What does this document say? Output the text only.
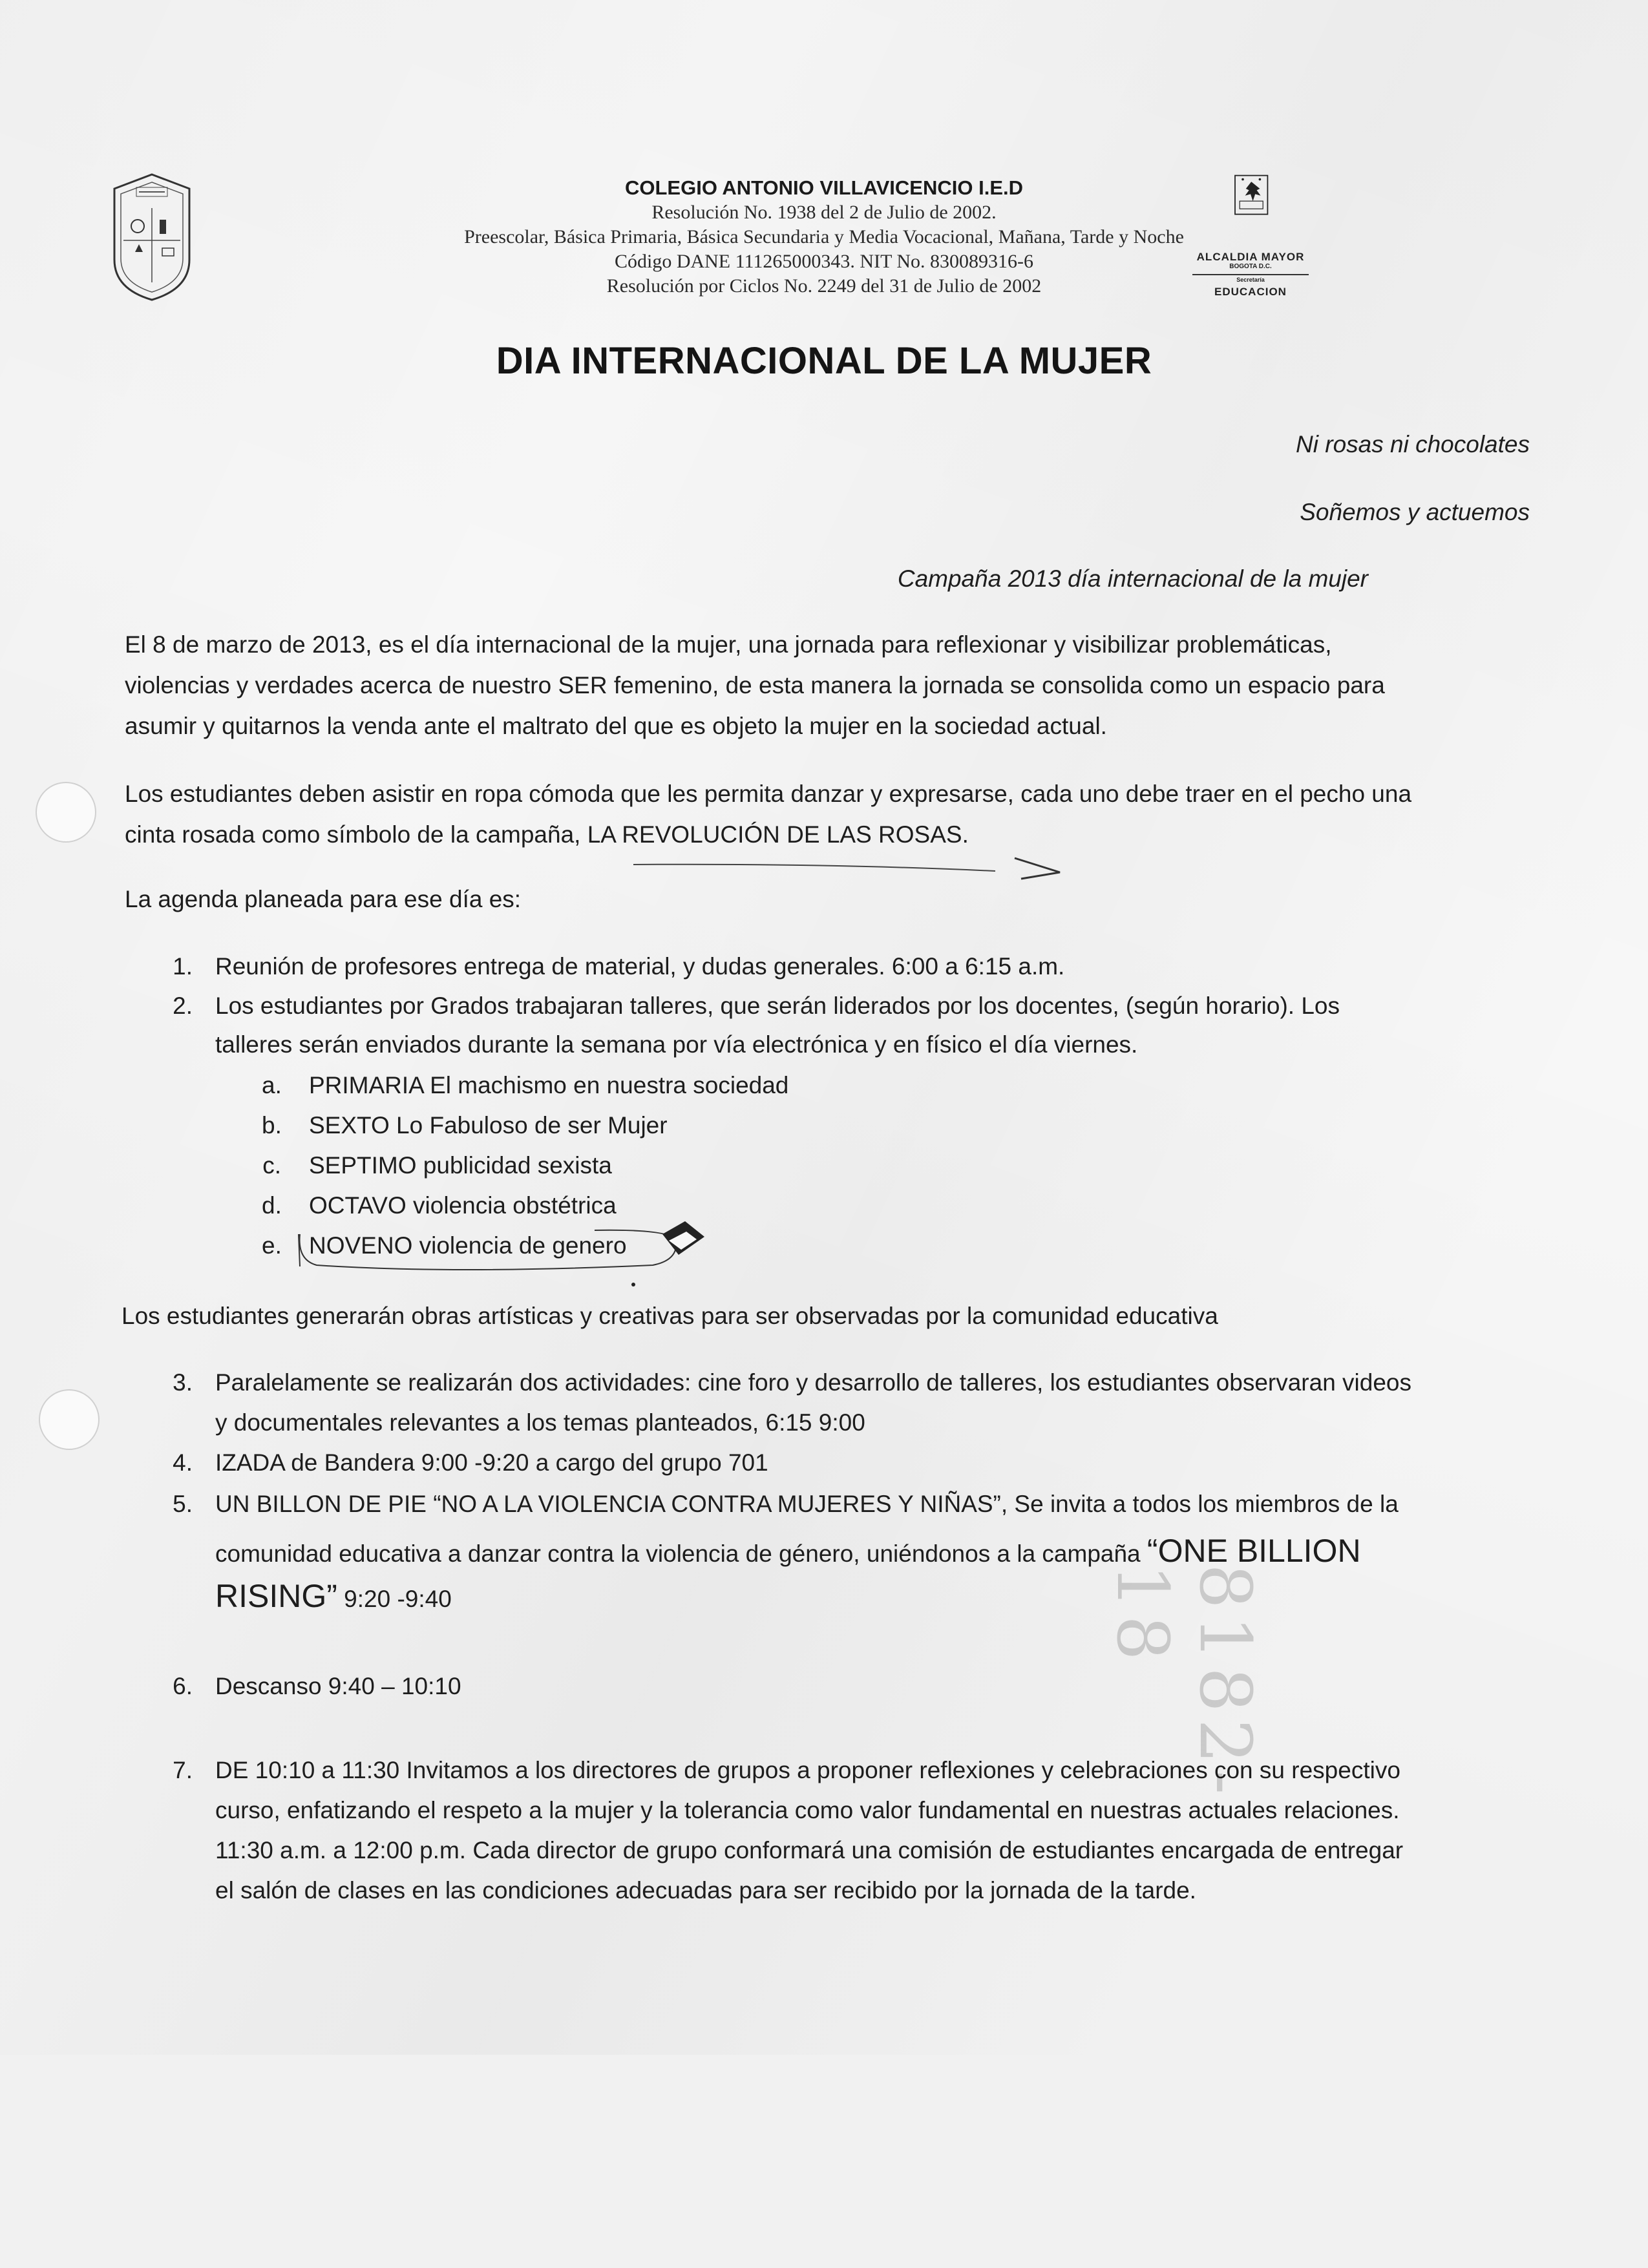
COLEGIO ANTONIO VILLAVICENCIO I.E.D
Resolución No. 1938 del 2 de Julio de 2002.
Preescolar, Básica Primaria, Básica Secundaria y Media Vocacional, Mañana, Tarde y Noche
Código DANE 111265000343. NIT No. 830089316-6
Resolución por Ciclos No. 2249 del 31 de Julio de 2002
ALCALDIA MAYOR
BOGOTA D.C.
Secretaría
EDUCACION
DIA INTERNACIONAL DE LA MUJER
Ni rosas ni chocolates
Soñemos y actuemos
Campaña 2013 día internacional de la mujer
El 8 de marzo de 2013, es el día internacional de la mujer, una jornada para reflexionar y visibilizar problemáticas,
violencias y verdades acerca de nuestro SER femenino, de esta manera la jornada se consolida como un espacio para
asumir y quitarnos la venda ante el maltrato del que es objeto la mujer en la sociedad actual.
Los estudiantes deben asistir en ropa cómoda que les permita danzar y expresarse, cada uno debe traer en el pecho una
cinta rosada como símbolo de la campaña, LA REVOLUCIÓN DE LAS ROSAS.
La agenda planeada para ese día es:
1. Reunión de profesores entrega de material, y dudas generales. 6:00 a 6:15 a.m.
2. Los estudiantes por Grados trabajaran talleres, que serán liderados por los docentes, (según horario). Los
talleres serán enviados durante la semana por vía electrónica y en físico el día viernes.
a. PRIMARIA El machismo en nuestra sociedad
b. SEXTO Lo Fabuloso de ser Mujer
c. SEPTIMO publicidad sexista
d. OCTAVO violencia obstétrica
e. NOVENO violencia de genero
Los estudiantes generarán obras artísticas y creativas para ser observadas por la comunidad educativa
3. Paralelamente se realizarán dos actividades: cine foro y desarrollo de talleres, los estudiantes observaran videos
y documentales relevantes a los temas planteados, 6:15 9:00
4. IZADA de Bandera 9:00 -9:20 a cargo del grupo 701
5. UN BILLON DE PIE “NO A LA VIOLENCIA CONTRA MUJERES Y NIÑAS”, Se invita a todos los miembros de la
comunidad educativa a danzar contra la violencia de género, uniéndonos a la campaña “ONE BILLION
RISING” 9:20 -9:40
6. Descanso 9:40 – 10:10
7. DE 10:10 a 11:30 Invitamos a los directores de grupos a proponer reflexiones y celebraciones con su respectivo
curso, enfatizando el respeto a la mujer y la tolerancia como valor fundamental en nuestras actuales relaciones.
11:30 a.m. a 12:00 p.m. Cada director de grupo conformará una comisión de estudiantes encargada de entregar
el salón de clases en las condiciones adecuadas para ser recibido por la jornada de la tarde.
8182-18
